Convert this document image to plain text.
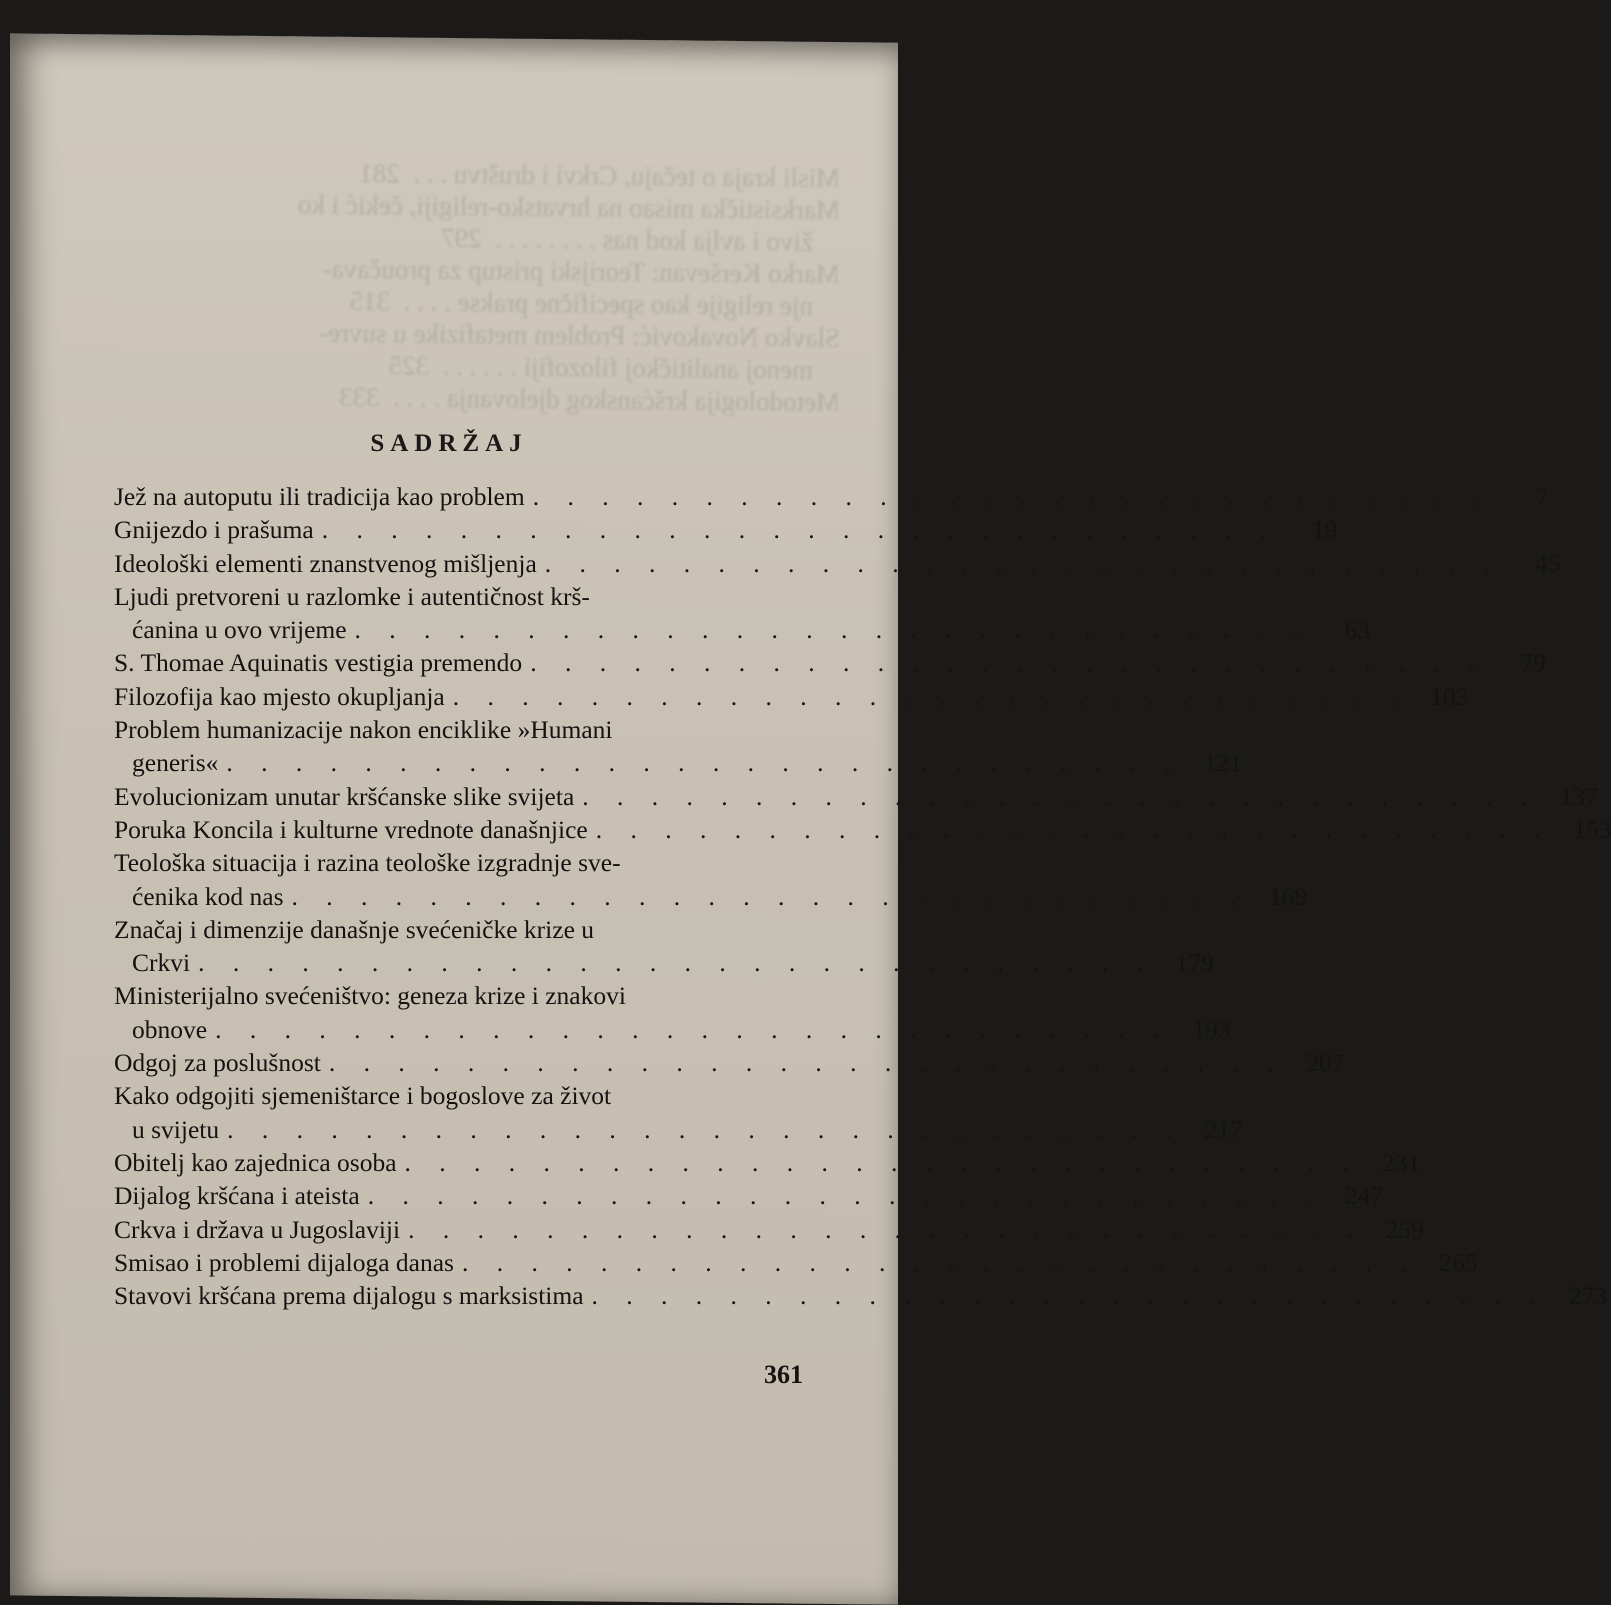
Misli kraja o tečaju, Crkvi i društvu . . .  281
Marksistička misao na hrvatsko-religiji, čekić i ko
živo i avlja kod nas . . . . . . . .  297
Marko Kerševan: Teorijski pristup za proučava-
nje religije kao specifične prakse . . . .  315
Slavko Novaković: Problem metafizike u suvre-
menoj analitičkoj filozofiji . . . . . .  325
Metodologija kršćanskog djelovanja . . . .  333
SADRŽAJ
Jež na autoputu ili tradicija kao problem . . . . . . . . . . . . . . . . . . . . . . . . . . . .	7
Gnijezdo i prašuma . . . . . . . . . . . . . . . . . . . . . . . . . . . .	19
Ideološki elementi znanstvenog mišljenja . . . . . . . . . . . . . . . . . . . . . . . . . . . .	45
Ljudi pretvoreni u razlomke i autentičnost krš-
ćanina u ovo vrijeme . . . . . . . . . . . . . . . . . . . . . . . . . . . .	63
S. Thomae Aquinatis vestigia premendo . . . . . . . . . . . . . . . . . . . . . . . . . . . .	79
Filozofija kao mjesto okupljanja . . . . . . . . . . . . . . . . . . . . . . . . . . . . 103
Problem humanizacije nakon enciklike »Humani
generis« . . . . . . . . . . . . . . . . . . . . . . . . . . . . 121
Evolucionizam unutar kršćanske slike svijeta . . . . . . . . . . . . . . . . . . . . . . . . . . . . 137
Poruka Koncila i kulturne vrednote današnjice . . . . . . . . . . . . . . . . . . . . . . . . . . . . 153
Teološka situacija i razina teološke izgradnje sve-
ćenika kod nas . . . . . . . . . . . . . . . . . . . . . . . . . . . . 169
Značaj i dimenzije današnje svećeničke krize u
Crkvi . . . . . . . . . . . . . . . . . . . . . . . . . . . . 179
Ministerijalno svećeništvo: geneza krize i znakovi
obnove . . . . . . . . . . . . . . . . . . . . . . . . . . . . 193
Odgoj za poslušnost . . . . . . . . . . . . . . . . . . . . . . . . . . . . 207
Kako odgojiti sjemeništarce i bogoslove za život
u svijetu . . . . . . . . . . . . . . . . . . . . . . . . . . . . 217
Obitelj kao zajednica osoba . . . . . . . . . . . . . . . . . . . . . . . . . . . . 231
Dijalog kršćana i ateista . . . . . . . . . . . . . . . . . . . . . . . . . . . . 247
Crkva i država u Jugoslaviji . . . . . . . . . . . . . . . . . . . . . . . . . . . . 259
Smisao i problemi dijaloga danas . . . . . . . . . . . . . . . . . . . . . . . . . . . . 265
Stavovi kršćana prema dijalogu s marksistima . . . . . . . . . . . . . . . . . . . . . . . . . . . . 273
361
